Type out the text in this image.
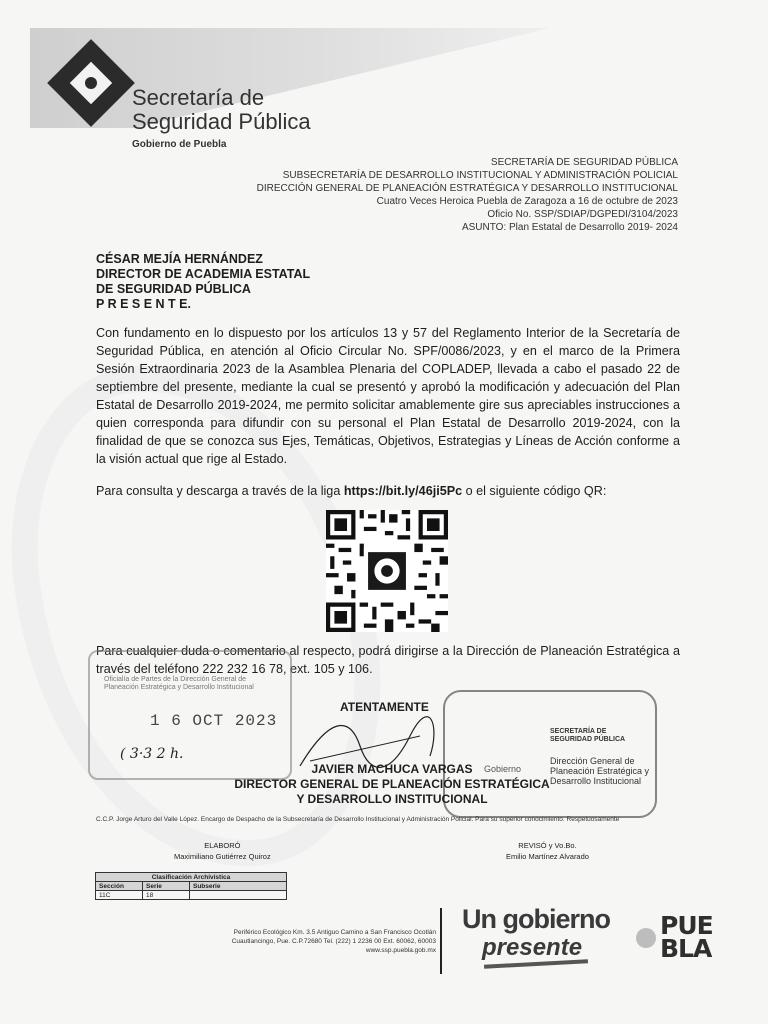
Secretaría de
Seguridad Pública
Gobierno de Puebla
SECRETARÍA DE SEGURIDAD PÚBLICA
SUBSECRETARÍA DE DESARROLLO INSTITUCIONAL Y ADMINISTRACIÓN POLICIAL
DIRECCIÓN GENERAL DE PLANEACIÓN ESTRATÉGICA Y DESARROLLO INSTITUCIONAL
Cuatro Veces Heroica Puebla de Zaragoza a 16 de octubre de 2023
Oficio No. SSP/SDIAP/DGPEDI/3104/2023
ASUNTO: Plan Estatal de Desarrollo 2019- 2024
CÉSAR MEJÍA HERNÁNDEZ
DIRECTOR DE ACADEMIA ESTATAL
DE SEGURIDAD PÚBLICA
P R E S E N T E.
Con fundamento en lo dispuesto por los artículos 13 y 57 del Reglamento Interior de la Secretaría de Seguridad Pública, en atención al Oficio Circular No. SPF/0086/2023, y en el marco de la Primera Sesión Extraordinaria 2023 de la Asamblea Plenaria del COPLADEP, llevada a cabo el pasado 22 de septiembre del presente, mediante la cual se presentó y aprobó la modificación y adecuación del Plan Estatal de Desarrollo 2019-2024, me permito solicitar amablemente gire sus apreciables instrucciones a quien corresponda para difundir con su personal el Plan Estatal de Desarrollo 2019-2024, con la finalidad de que se conozca sus Ejes, Temáticas, Objetivos, Estrategias y Líneas de Acción conforme a la visión actual que rige al Estado.
Para consulta y descarga a través de la liga https://bit.ly/46ji5Pc o el siguiente código QR:
Para cualquier duda o comentario al respecto, podrá dirigirse a la Dirección de Planeación Estratégica a través del teléfono 222 232 16 78, ext. 105 y 106.
Oficialía de Partes de la Dirección General de Planeación Estratégica y Desarrollo Institucional
1 6 OCT 2023
( 3·3 2 h.
SECRETARÍA DE SEGURIDAD PÚBLICA
Dirección General de Planeación Estratégica y Desarrollo Institucional
Gobierno
ATENTAMENTE
JAVIER MACHUCA VARGAS
DIRECTOR GENERAL DE PLANEACIÓN ESTRATÉGICA
Y DESARROLLO INSTITUCIONAL
C.C.P. Jorge Arturo del Valle López. Encargo de Despacho de la Subsecretaría de Desarrollo Institucional y Administración Policial. Para su superior conocimiento. Respetuosamente
ELABORÓ
Maximiliano Gutiérrez Quiroz
REVISÓ y Vo.Bo.
Emilio Martínez Alvarado
Clasificación Archivística		
Sección	Serie	Subserie
11C	18	
Periférico Ecológico Km. 3.5 Antiguo Camino a San Francisco Ocotlán
Cuautlancingo, Pue. C.P.72680 Tel. (222) 1 2236 00 Ext. 60062, 60003
www.ssp.puebla.gob.mx
Un gobierno
presente
PUE
BLA
